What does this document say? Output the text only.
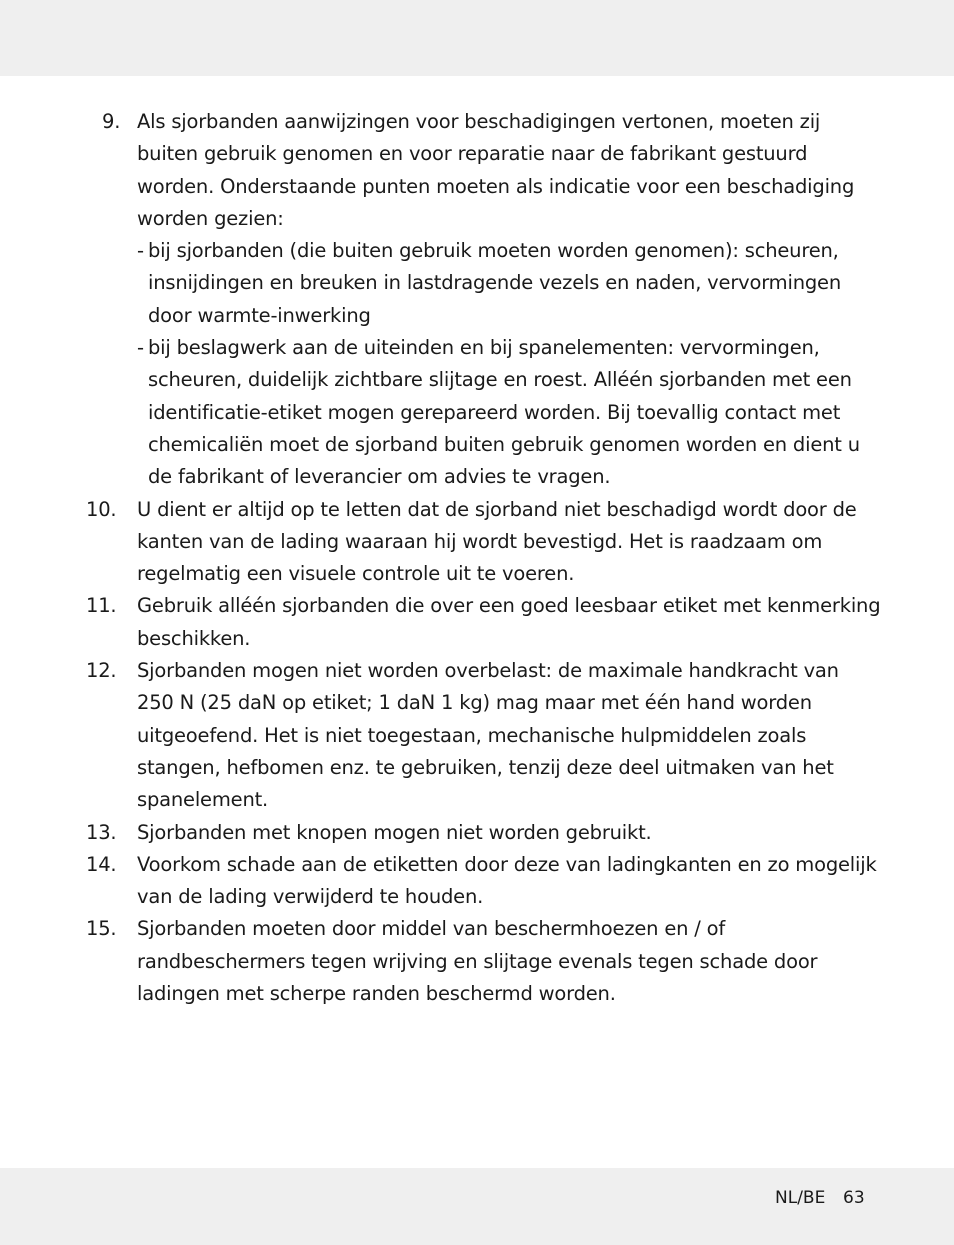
9. Als sjorbanden aanwijzingen voor beschadigingen vertonen, moeten zij buiten gebruik genomen en voor reparatie naar de fabrikant gestuurd worden. Onderstaande punten moeten als indicatie voor een beschadiging worden gezien:
- bij sjorbanden (die buiten gebruik moeten worden genomen): scheuren, insnijdingen en breuken in lastdragende vezels en naden, vervormingen door warmte-inwerking
- bij beslagwerk aan de uiteinden en bij spanelementen: vervormingen, scheuren, duidelijk zichtbare slijtage en roest. Alléén sjorbanden met een identificatie-etiket mogen gerepareerd worden. Bij toevallig contact met chemicaliën moet de sjorband buiten gebruik genomen worden en dient u de fabrikant of leverancier om advies te vragen.
10.	U dient er altijd op te letten dat de sjorband niet beschadigd wordt door de kanten van de lading waaraan hij wordt bevestigd. Het is raadzaam om regelmatig een visuele controle uit te voeren.
11.	Gebruik alléén sjorbanden die over een goed leesbaar etiket met kenmerking beschikken.
12.	Sjorbanden mogen niet worden overbelast: de maximale handkracht van 250 N (25 daN op etiket; 1 daN 1 kg) mag maar met één hand worden uitgeoefend. Het is niet toegestaan, mechanische hulpmiddelen zoals stangen, hefbomen enz. te gebruiken, tenzij deze deel uitmaken van het spanelement.
13.	Sjorbanden met knopen mogen niet worden gebruikt.
14.	Voorkom schade aan de etiketten door deze van ladingkanten en zo mogelijk van de lading verwijderd te houden.
15.	Sjorbanden moeten door middel van beschermhoezen en / of randbeschermers tegen wrijving en slijtage evenals tegen schade door ladingen met scherpe randen beschermd worden.
NL/BE 63
